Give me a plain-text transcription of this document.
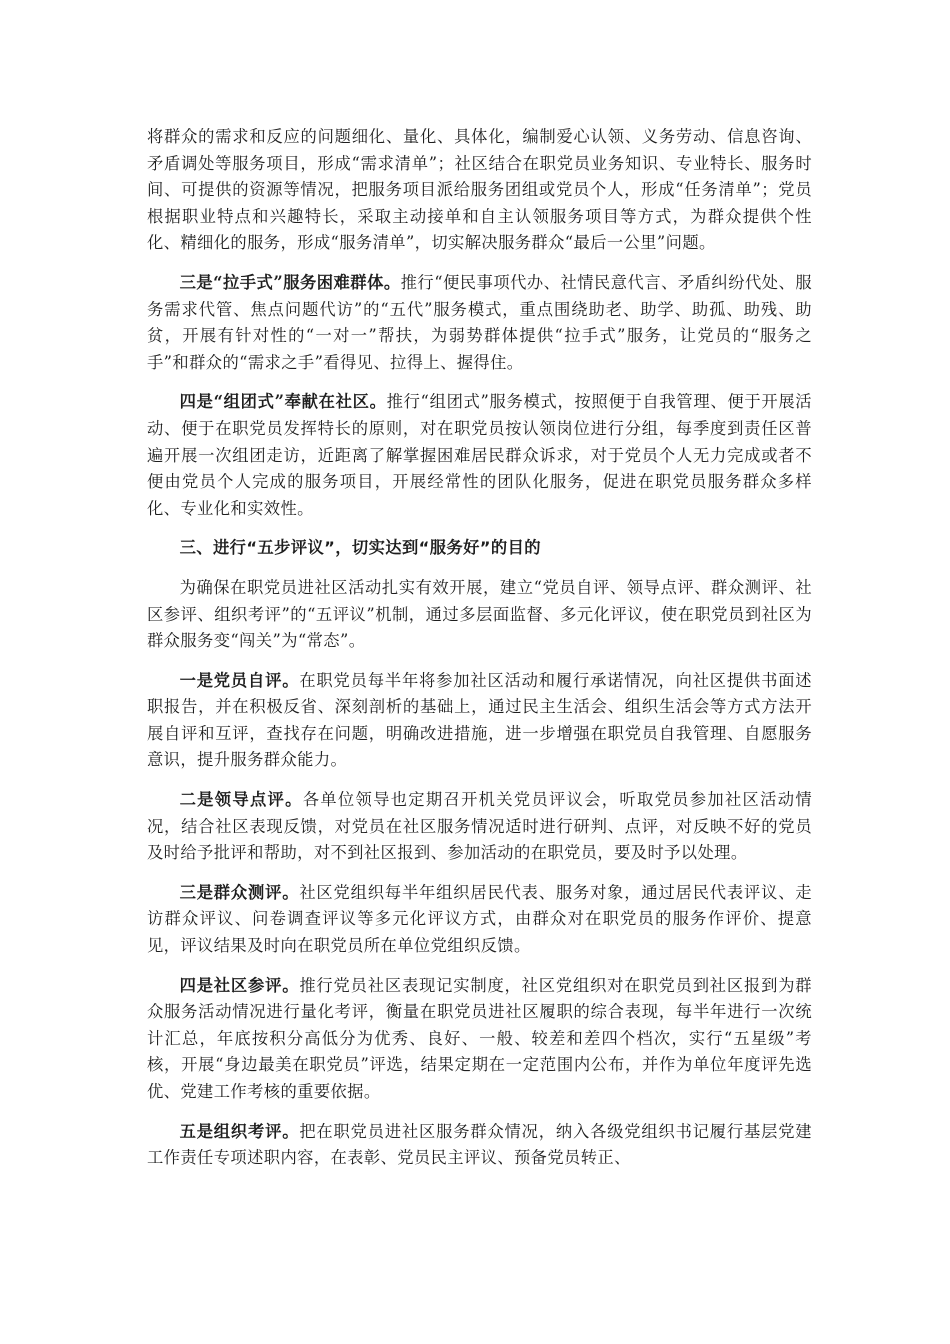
将群众的需求和反应的问题细化、量化、具体化，编制爱心认领、义务劳动、信息咨询、矛盾调处等服务项目，形成“需求清单”；社区结合在职党员业务知识、专业特长、服务时间、可提供的资源等情况，把服务项目派给服务团组或党员个人，形成“任务清单”；党员根据职业特点和兴趣特长，采取主动接单和自主认领服务项目等方式，为群众提供个性化、精细化的服务，形成“服务清单”，切实解决服务群众“最后一公里”问题。

三是“拉手式”服务困难群体。推行“便民事项代办、社情民意代言、矛盾纠纷代处、服务需求代管、焦点问题代访”的“五代”服务模式，重点围绕助老、助学、助孤、助残、助贫，开展有针对性的“一对一”帮扶，为弱势群体提供“拉手式”服务，让党员的“服务之手”和群众的“需求之手”看得见、拉得上、握得住。

四是“组团式”奉献在社区。推行“组团式”服务模式，按照便于自我管理、便于开展活动、便于在职党员发挥特长的原则，对在职党员按认领岗位进行分组，每季度到责任区普遍开展一次组团走访，近距离了解掌握困难居民群众诉求，对于党员个人无力完成或者不便由党员个人完成的服务项目，开展经常性的团队化服务，促进在职党员服务群众多样化、专业化和实效性。

三、进行“五步评议”，切实达到“服务好”的目的

为确保在职党员进社区活动扎实有效开展，建立“党员自评、领导点评、群众测评、社区参评、组织考评”的“五评议”机制，通过多层面监督、多元化评议，使在职党员到社区为群众服务变“闯关”为“常态”。

一是党员自评。在职党员每半年将参加社区活动和履行承诺情况，向社区提供书面述职报告，并在积极反省、深刻剖析的基础上，通过民主生活会、组织生活会等方式方法开展自评和互评，查找存在问题，明确改进措施，进一步增强在职党员自我管理、自愿服务意识，提升服务群众能力。

二是领导点评。各单位领导也定期召开机关党员评议会，听取党员参加社区活动情况，结合社区表现反馈，对党员在社区服务情况适时进行研判、点评，对反映不好的党员及时给予批评和帮助，对不到社区报到、参加活动的在职党员，要及时予以处理。

三是群众测评。社区党组织每半年组织居民代表、服务对象，通过居民代表评议、走访群众评议、问卷调查评议等多元化评议方式，由群众对在职党员的服务作评价、提意见，评议结果及时向在职党员所在单位党组织反馈。

四是社区参评。推行党员社区表现记实制度，社区党组织对在职党员到社区报到为群众服务活动情况进行量化考评，衡量在职党员进社区履职的综合表现，每半年进行一次统计汇总，年底按积分高低分为优秀、良好、一般、较差和差四个档次，实行“五星级”考核，开展“身边最美在职党员”评选，结果定期在一定范围内公布，并作为单位年度评先选优、党建工作考核的重要依据。

五是组织考评。把在职党员进社区服务群众情况，纳入各级党组织书记履行基层党建工作责任专项述职内容，在表彰、党员民主评议、预备党员转正、
